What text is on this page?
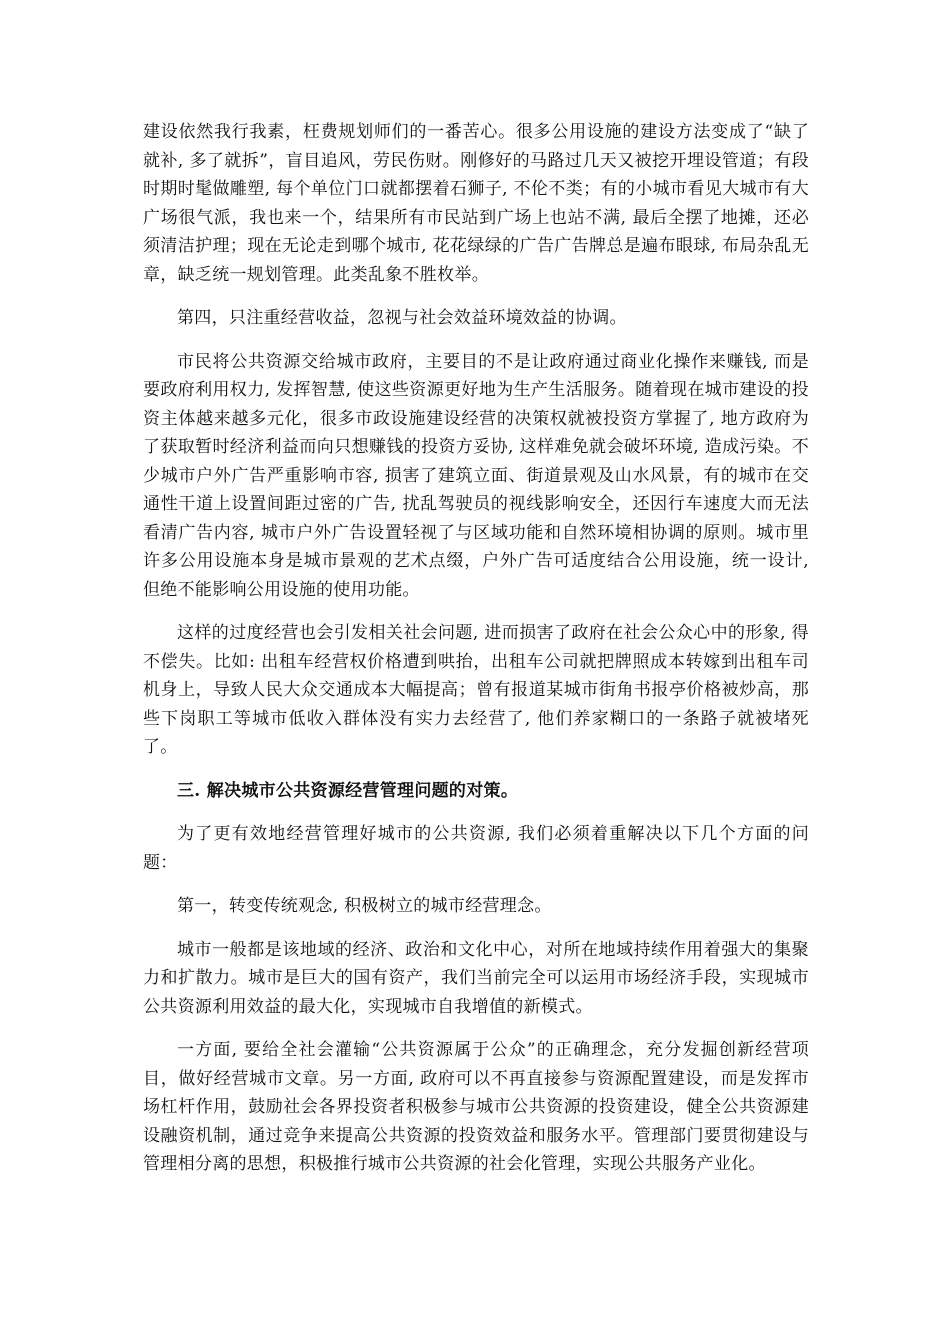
建设依然我行我素，枉费规划师们的一番苦心。很多公用设施的建设方法变成了“缺了就补, 多了就拆”，盲目追风，劳民伤财。刚修好的马路过几天又被挖开埋设管道；有段时期时髦做雕塑, 每个单位门口就都摆着石狮子, 不伦不类；有的小城市看见大城市有大广场很气派，我也来一个，结果所有市民站到广场上也站不满, 最后全摆了地摊，还必须清洁护理；现在无论走到哪个城市, 花花绿绿的广告广告牌总是遍布眼球, 布局杂乱无章，缺乏统一规划管理。此类乱象不胜枚举。

第四，只注重经营收益，忽视与社会效益环境效益的协调。

市民将公共资源交给城市政府，主要目的不是让政府通过商业化操作来赚钱, 而是要政府利用权力, 发挥智慧, 使这些资源更好地为生产生活服务。随着现在城市建设的投资主体越来越多元化，很多市政设施建设经营的决策权就被投资方掌握了, 地方政府为了获取暂时经济利益而向只想赚钱的投资方妥协, 这样难免就会破坏环境, 造成污染。不少城市户外广告严重影响市容, 损害了建筑立面、街道景观及山水风景，有的城市在交通性干道上设置间距过密的广告, 扰乱驾驶员的视线影响安全，还因行车速度大而无法看清广告内容, 城市户外广告设置轻视了与区域功能和自然环境相协调的原则。城市里许多公用设施本身是城市景观的艺术点缀，户外广告可适度结合公用设施，统一设计, 但绝不能影响公用设施的使用功能。

这样的过度经营也会引发相关社会问题, 进而损害了政府在社会公众心中的形象, 得不偿失。比如: 出租车经营权价格遭到哄抬，出租车公司就把牌照成本转嫁到出租车司机身上，导致人民大众交通成本大幅提高；曾有报道某城市街角书报亭价格被炒高，那些下岗职工等城市低收入群体没有实力去经营了, 他们养家糊口的一条路子就被堵死了。

三. 解决城市公共资源经营管理问题的对策。

为了更有效地经营管理好城市的公共资源, 我们必须着重解决以下几个方面的问题：

第一，转变传统观念, 积极树立的城市经营理念。

城市一般都是该地域的经济、政治和文化中心，对所在地域持续作用着强大的集聚力和扩散力。城市是巨大的国有资产，我们当前完全可以运用市场经济手段，实现城市公共资源利用效益的最大化，实现城市自我增值的新模式。

一方面, 要给全社会灌输“公共资源属于公众”的正确理念，充分发掘创新经营项目，做好经营城市文章。另一方面, 政府可以不再直接参与资源配置建设，而是发挥市场杠杆作用，鼓励社会各界投资者积极参与城市公共资源的投资建设，健全公共资源建设融资机制，通过竞争来提高公共资源的投资效益和服务水平。管理部门要贯彻建设与管理相分离的思想，积极推行城市公共资源的社会化管理，实现公共服务产业化。
